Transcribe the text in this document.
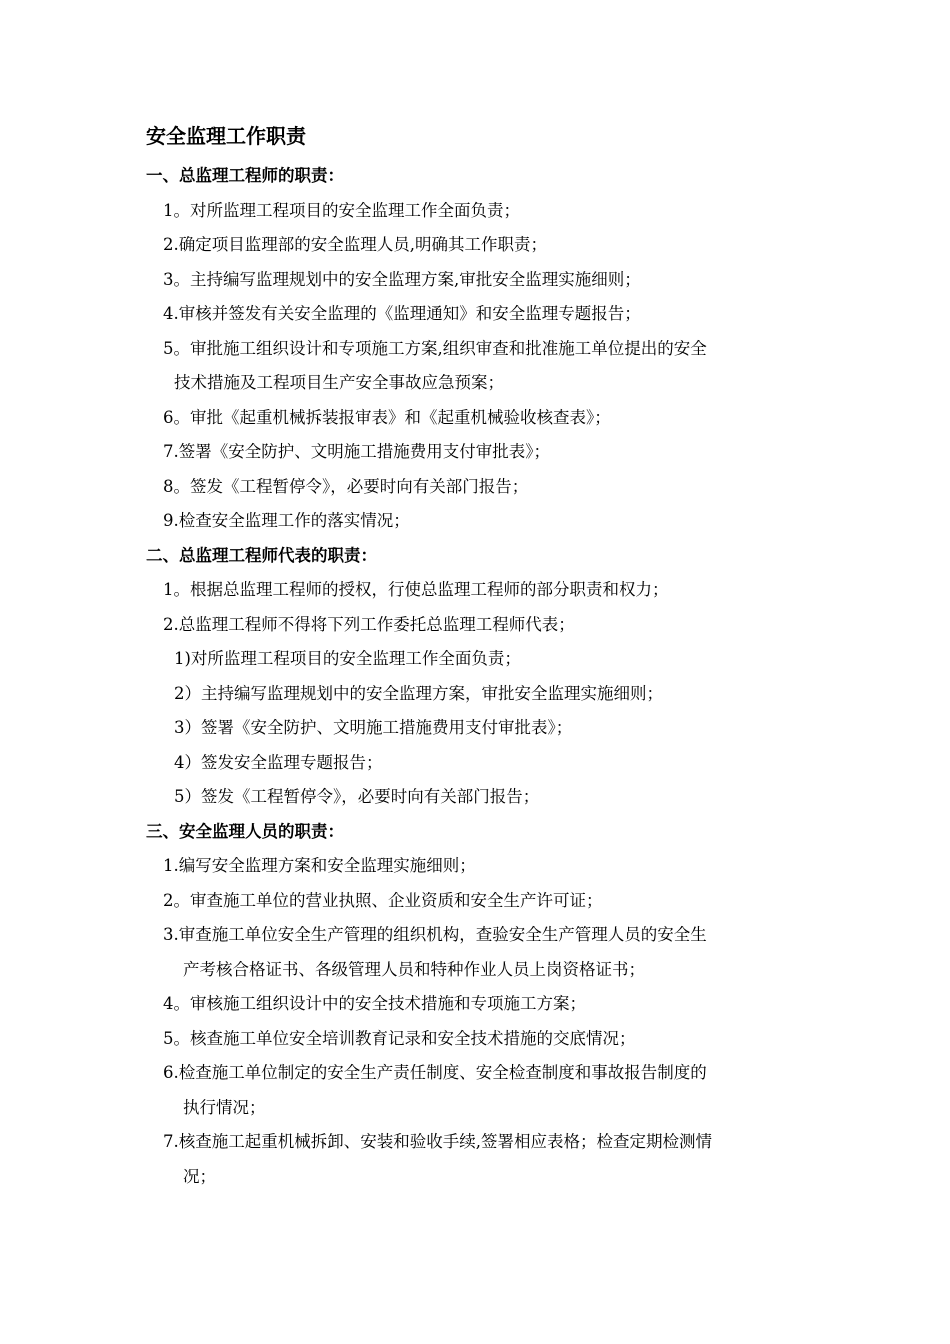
安全监理工作职责
一、总监理工程师的职责：
1。对所监理工程项目的安全监理工作全面负责；
2.确定项目监理部的安全监理人员,明确其工作职责；
3。主持编写监理规划中的安全监理方案,审批安全监理实施细则；
4.审核并签发有关安全监理的《监理通知》和安全监理专题报告；
5。审批施工组织设计和专项施工方案,组织审查和批准施工单位提出的安全
技术措施及工程项目生产安全事故应急预案；
6。审批《起重机械拆装报审表》和《起重机械验收核查表》；
7.签署《安全防护、文明施工措施费用支付审批表》；
8。签发《工程暂停令》，必要时向有关部门报告；
9.检查安全监理工作的落实情况；
二、总监理工程师代表的职责：
1。根据总监理工程师的授权，行使总监理工程师的部分职责和权力；
2.总监理工程师不得将下列工作委托总监理工程师代表；
1)对所监理工程项目的安全监理工作全面负责；
2）主持编写监理规划中的安全监理方案，审批安全监理实施细则；
3）签署《安全防护、文明施工措施费用支付审批表》；
4）签发安全监理专题报告；
5）签发《工程暂停令》，必要时向有关部门报告；
三、安全监理人员的职责：
1.编写安全监理方案和安全监理实施细则；
2。审查施工单位的营业执照、企业资质和安全生产许可证；
3.审查施工单位安全生产管理的组织机构，查验安全生产管理人员的安全生
产考核合格证书、各级管理人员和特种作业人员上岗资格证书；
4。审核施工组织设计中的安全技术措施和专项施工方案；
5。核查施工单位安全培训教育记录和安全技术措施的交底情况；
6.检查施工单位制定的安全生产责任制度、安全检查制度和事故报告制度的
执行情况；
7.核查施工起重机械拆卸、安装和验收手续,签署相应表格；检查定期检测情
况；
